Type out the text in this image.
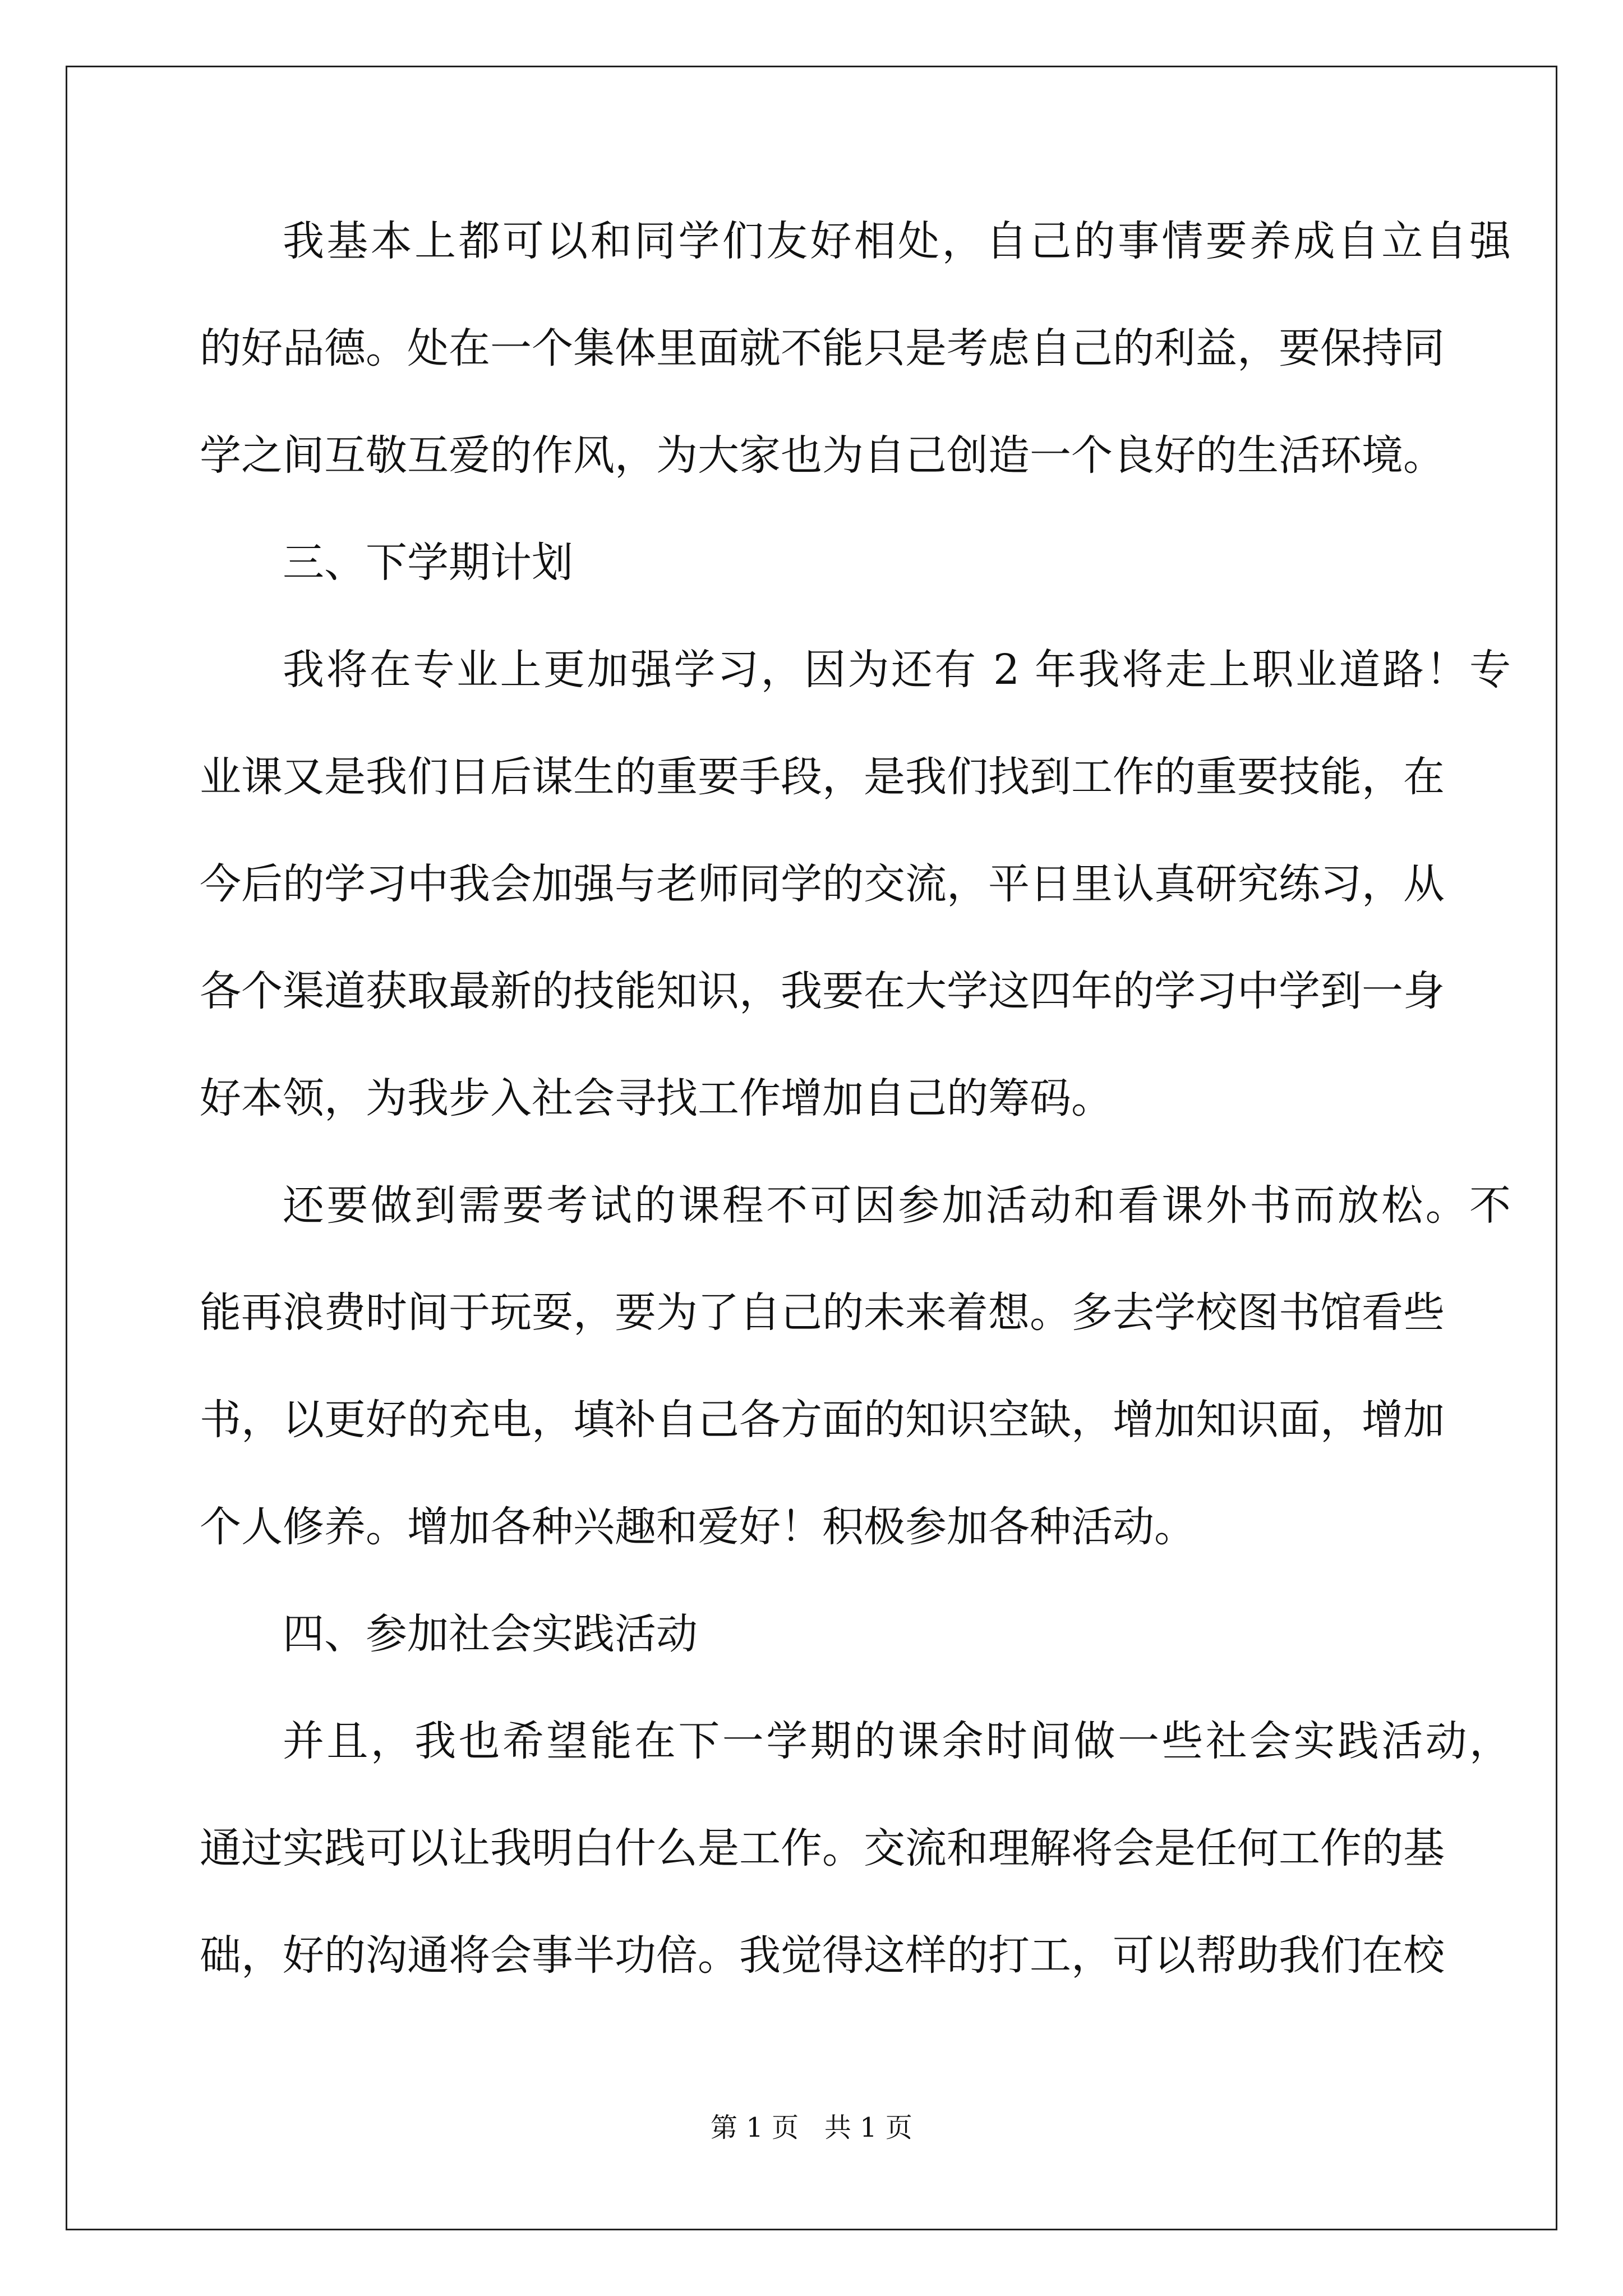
我基本上都可以和同学们友好相处，自己的事情要养成自立自强
的好品德。处在一个集体里面就不能只是考虑自己的利益，要保持同
学之间互敬互爱的作风，为大家也为自己创造一个良好的生活环境。
三、下学期计划
我将在专业上更加强学习，因为还有 2 年我将走上职业道路！专
业课又是我们日后谋生的重要手段，是我们找到工作的重要技能，在
今后的学习中我会加强与老师同学的交流，平日里认真研究练习，从
各个渠道获取最新的技能知识，我要在大学这四年的学习中学到一身
好本领，为我步入社会寻找工作增加自己的筹码。
还要做到需要考试的课程不可因参加活动和看课外书而放松。不
能再浪费时间于玩耍，要为了自己的未来着想。多去学校图书馆看些
书，以更好的充电，填补自己各方面的知识空缺，增加知识面，增加
个人修养。增加各种兴趣和爱好！积极参加各种活动。
四、参加社会实践活动
并且，我也希望能在下一学期的课余时间做一些社会实践活动，
通过实践可以让我明白什么是工作。交流和理解将会是任何工作的基
础，好的沟通将会事半功倍。我觉得这样的打工，可以帮助我们在校
第 1 页   共 1 页
